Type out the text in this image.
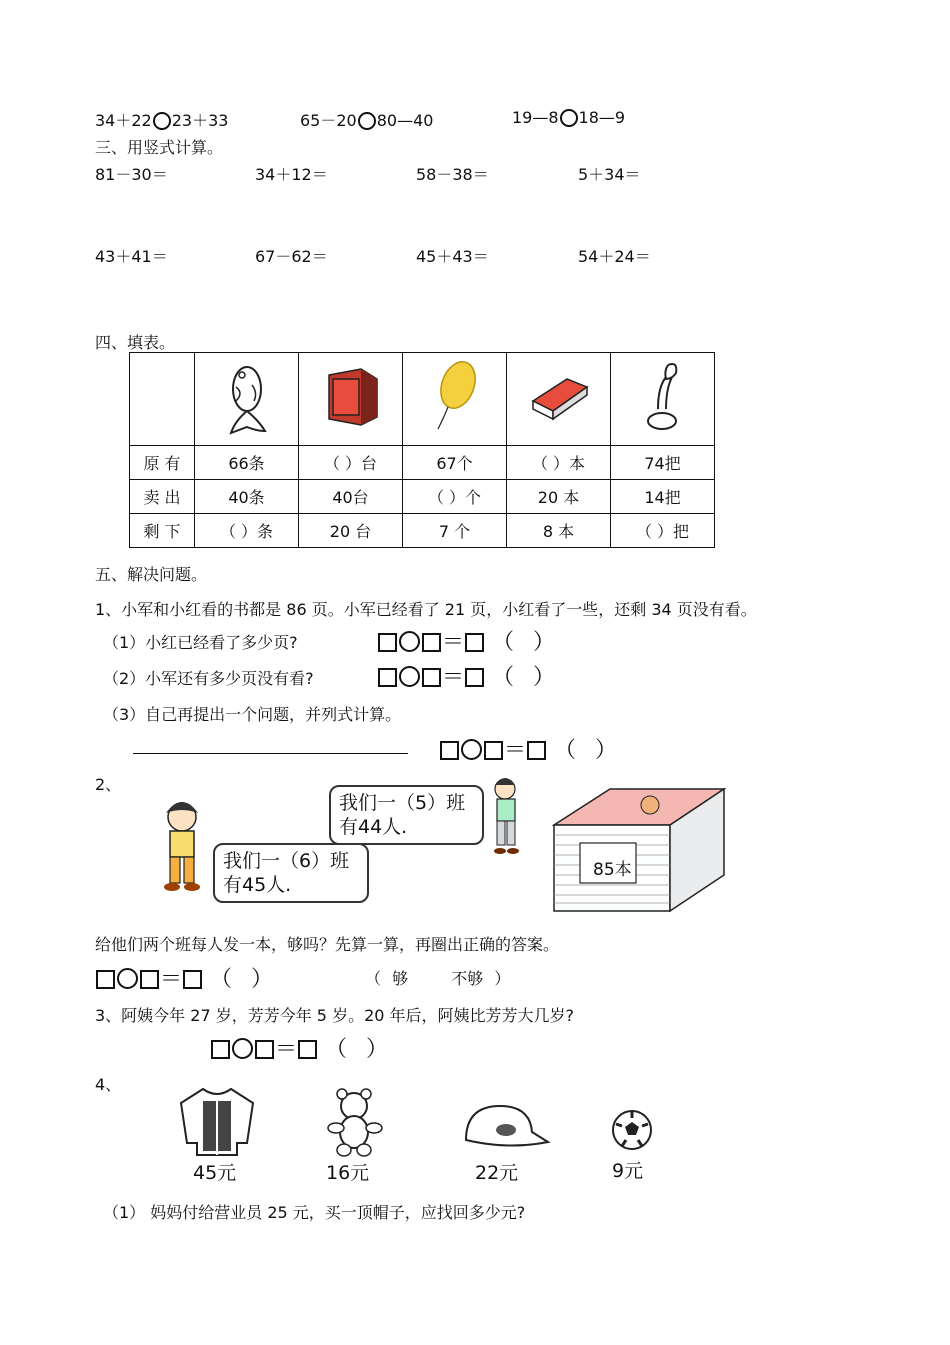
34＋22 23＋33	65－20 80—40	19—8 18—9
三、用竖式计算。
81－30＝	34＋12＝	58－38＝	5＋34＝
43＋41＝	67－62＝	45＋43＝	54＋24＝
四、填表。

原 有	66条	（ ）台	67个	（ ）本	74把
卖 出	40条	40台	（ ）个	20 本	14把
剩 下	（ ）条	20 台	7 个	8 本	（ ）把
五、解决问题。
1、小军和小红看的书都是 86 页。小军已经看了 21 页，小红看了一些，还剩 34 页没有看。
（1）小红已经看了多少页?	＝ （ ）
（2）小军还有多少页没有看?	＝ （ ）
（3）自己再提出一个问题，并列式计算。
＝ （ ）
2、
我们一（6）班
有45人.
我们一（5）班
有44人.
85本
给他们两个班每人发一本，够吗？先算一算，再圈出正确的答案。
＝ （ ）	（ 够	不够 ）
3、阿姨今年 27 岁，芳芳今年 5 岁。20 年后，阿姨比芳芳大几岁?
＝ （ ）
4、
45元	16元	22元	9元
（1） 妈妈付给营业员 25 元，买一顶帽子，应找回多少元?
